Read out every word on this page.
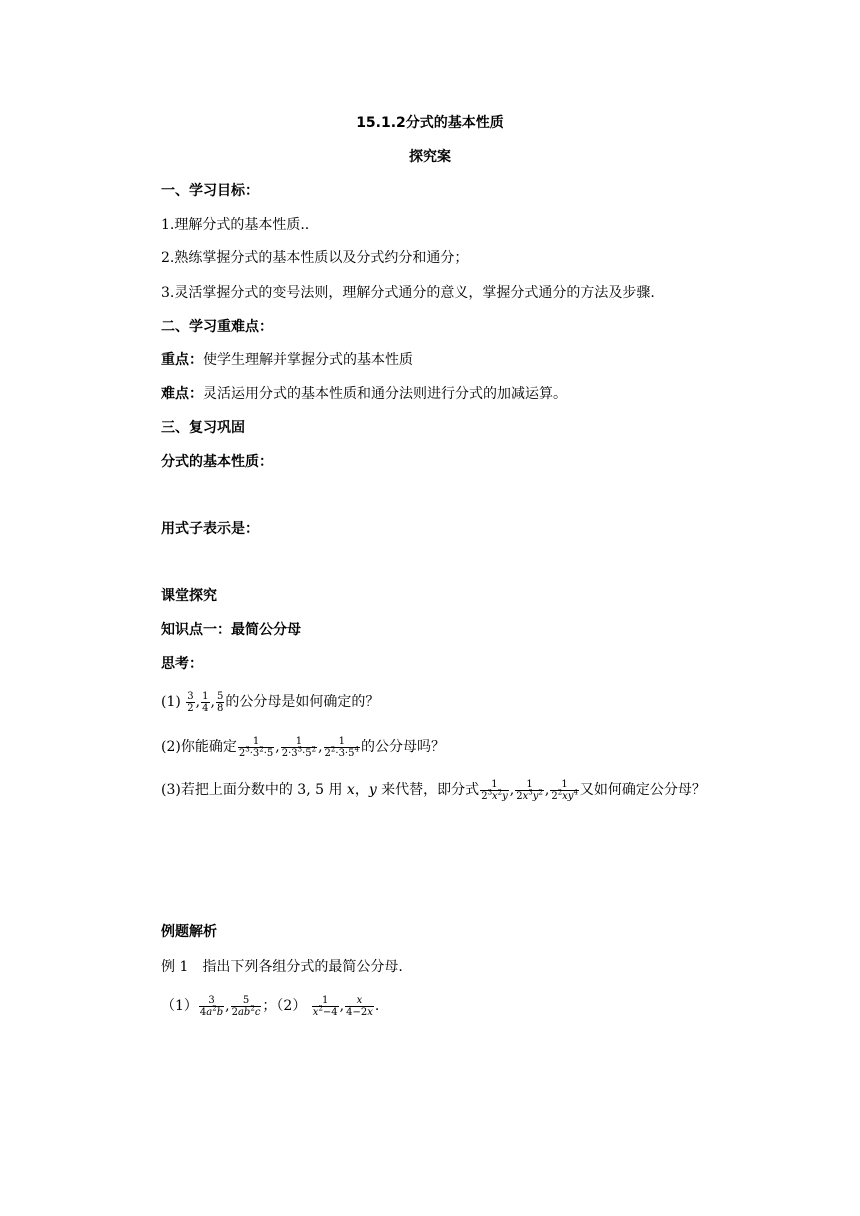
15.1.2分式的基本性质
探究案
一、学习目标：
1.理解分式的基本性质..
2.熟练掌握分式的基本性质以及分式约分和通分；
3.灵活掌握分式的变号法则，理解分式通分的意义，掌握分式通分的方法及步骤.
二、学习重难点：
重点：使学生理解并掌握分式的基本性质
难点：灵活运用分式的基本性质和通分法则进行分式的加减运算。
三、复习巩固
分式的基本性质：
用式子表示是：
课堂探究
知识点一：最简公分母
思考：
$(1) \frac{3}{2}$ , $\frac{1}{4}$ , $\frac{5}{8}$ 的公分母是如何确定的？
(2)你能确定 $\frac{1}{2^3\cdot 3^2\cdot 5}$ , $\frac{1}{2\cdot 3^3\cdot 5^2}$ , $\frac{1}{2^2\cdot 3\cdot 5^4}$ 的公分母吗？
(3)若把上面分数中的 3, 5 用 x，y 来代替，即分式 $\frac{1}{2^3x^2y}$ , $\frac{1}{2x^3y^2}$ , $\frac{1}{2^2xy^4}$ 又如何确定公分母？
例题解析
例 1　指出下列各组分式的最简公分母.
$(1) \frac{3}{4a^2b}$ , $\frac{5}{2ab^2c}$ ；$(2) \frac{1}{x^2-4}$ , $\frac{x}{4-2x}$ .
